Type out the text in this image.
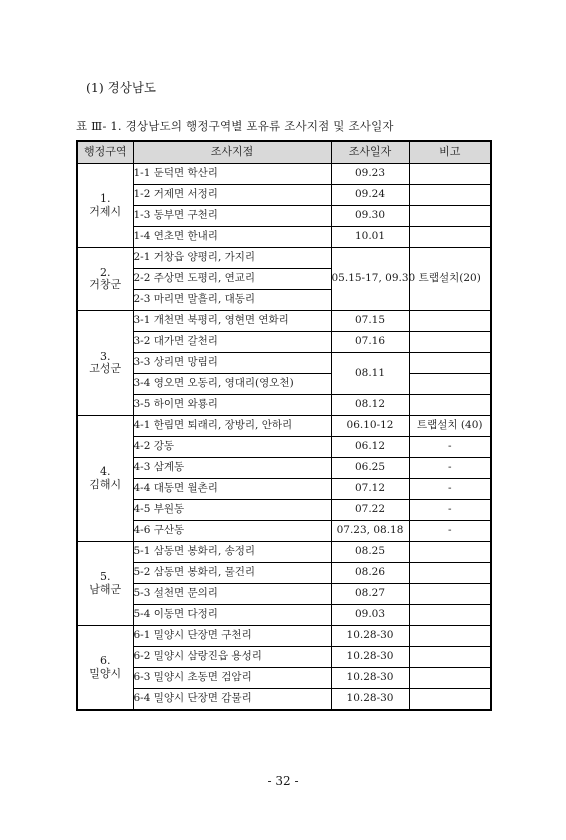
(1) 경상남도
표 Ⅲ- 1. 경상남도의 행정구역별 포유류 조사지점 및 조사일자
행정구역	조사지점	조사일자	비고

1.
거제시	1-1 둔덕면 학산리	09.23	
	1-2 거제면 서정리	09.24	
	1-3 동부면 구천리	09.30	
	1-4 연초면 한내리	10.01	

2.
거창군	2-1 거창읍 양평리, 가지리	05.15-17, 09.30	트랩설치(20)
	2-2 주상면 도평리, 연교리		
	2-3 마리면 말흘리, 대동리		

3.
고성군	3-1 개천면 북평리, 영현면 연화리	07.15	
	3-2 대가면 갈천리	07.16	
	3-3 상리면 망림리	08.11	
	3-4 영오면 오동리, 영대리(영오천)		
	3-5 하이면 와룡리	08.12	

4.
김해시	4-1 한림면 퇴래리, 장방리, 안하리	06.10-12	트랩설치 (40)
	4-2 강동	06.12	-
	4-3 삼계동	06.25	-
	4-4 대동면 월촌리	07.12	-
	4-5 부원동	07.22	-
	4-6 구산동	07.23, 08.18	-

5.
남해군	5-1 삼동면 봉화리, 송정리	08.25	
	5-2 삼동면 봉화리, 물건리	08.26	
	5-3 설천면 문의리	08.27	
	5-4 이동면 다정리	09.03	

6.
밀양시	6-1 밀양시 단장면 구천리	10.28-30	
	6-2 밀양시 삼랑진읍 용성리	10.28-30	
	6-3 밀양시 초동면 검암리	10.28-30	
	6-4 밀양시 단장면 감물리	10.28-30	
- 32 -
